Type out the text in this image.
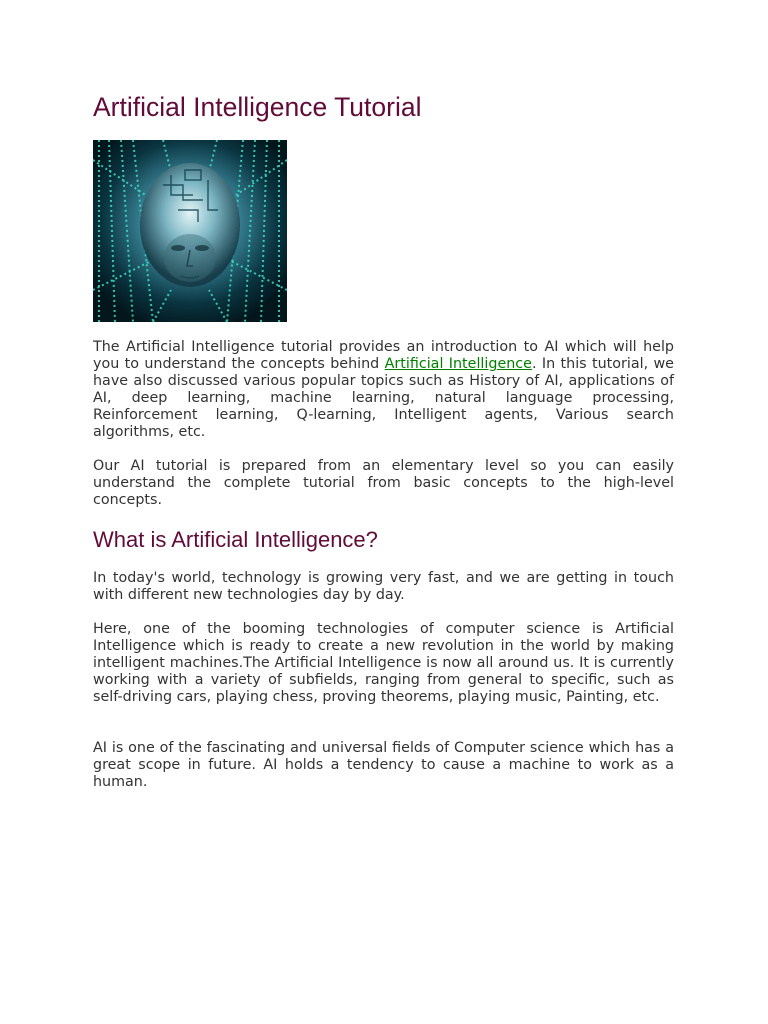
Artificial Intelligence Tutorial

The Artificial Intelligence tutorial provides an introduction to AI which will help you to understand the concepts behind Artificial Intelligence. In this tutorial, we have also discussed various popular topics such as History of AI, applications of AI, deep learning, machine learning, natural language processing, Reinforcement learning, Q-learning, Intelligent agents, Various search algorithms, etc.

Our AI tutorial is prepared from an elementary level so you can easily understand the complete tutorial from basic concepts to the high-level concepts.

What is Artificial Intelligence?

In today's world, technology is growing very fast, and we are getting in touch with different new technologies day by day.

Here, one of the booming technologies of computer science is Artificial Intelligence which is ready to create a new revolution in the world by making intelligent machines.The Artificial Intelligence is now all around us. It is currently working with a variety of subfields, ranging from general to specific, such as self-driving cars, playing chess, proving theorems, playing music, Painting, etc.

AI is one of the fascinating and universal fields of Computer science which has a great scope in future. AI holds a tendency to cause a machine to work as a human.
